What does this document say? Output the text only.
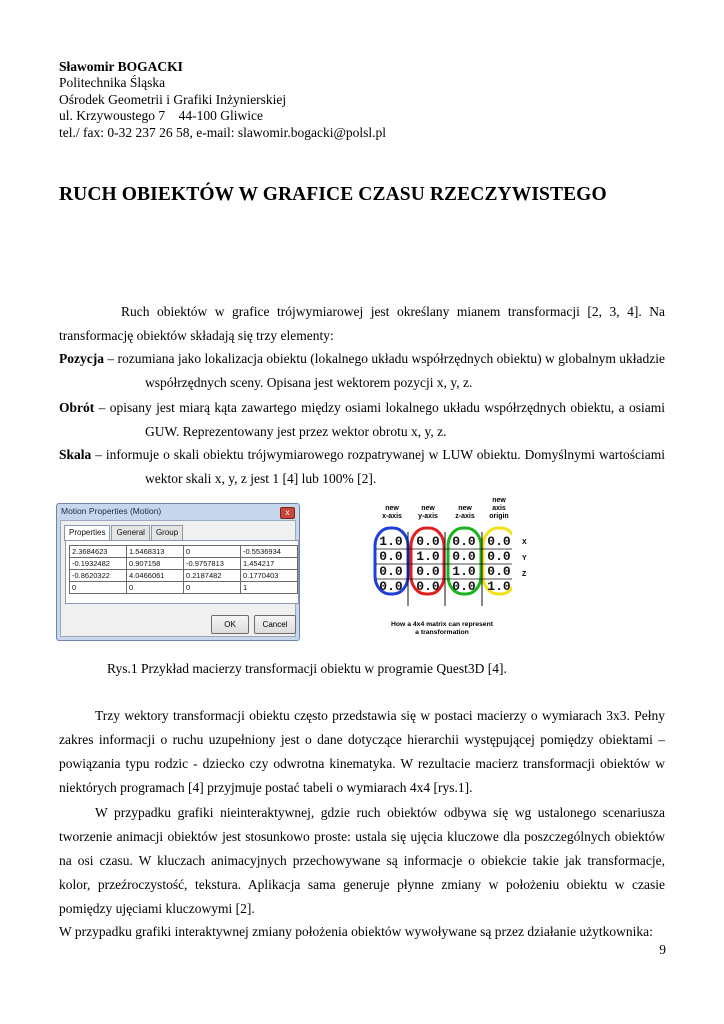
Sławomir BOGACKI
Politechnika Śląska
Ośrodek Geometrii i Grafiki Inżynierskiej
ul. Krzywoustego 7    44-100 Gliwice
tel./ fax: 0-32 237 26 58, e-mail: slawomir.bogacki@polsl.pl
RUCH OBIEKTÓW W GRAFICE CZASU RZECZYWISTEGO
Ruch obiektów w grafice trójwymiarowej jest określany mianem transformacji [2, 3, 4]. Na transformację obiektów składają się trzy elementy:
Pozycja – rozumiana jako lokalizacja obiektu (lokalnego układu współrzędnych obiektu) w globalnym układzie współrzędnych sceny. Opisana jest wektorem pozycji x, y, z.
Obrót – opisany jest miarą kąta zawartego między osiami lokalnego układu współrzędnych obiektu, a osiami GUW. Reprezentowany jest przez wektor obrotu x, y, z.
Skala – informuje o skali obiektu trójwymiarowego rozpatrywanej w LUW obiektu. Domyślnymi wartościami wektor skali x, y, z jest 1 [4] lub 100% [2].
Motion Properties (Motion)	x
Properties	General	Group
2.3684623	1.5468313	0	-0.5536934
-0.1932482	0.907158	-0.9757813	1.454217
-0.8620322	4.0466061	0.2187482	0.1770403
0	0	0	1
OK	Cancel
new
x-axis
new
y-axis
new
z-axis
new
axis
origin
1.0 0.0 0.0 0.0
0.0 1.0 0.0 0.0
0.0 0.0 1.0 0.0
0.0 0.0 0.0 1.0
X
Y
Z
How a 4x4 matrix can represent
a transformation
Rys.1 Przykład macierzy transformacji obiektu w programie Quest3D [4].
Trzy wektory transformacji obiektu często przedstawia się w postaci macierzy o wymiarach 3x3. Pełny zakres informacji o ruchu uzupełniony jest o dane dotyczące hierarchii występującej pomiędzy obiektami – powiązania typu rodzic - dziecko czy odwrotna kinematyka. W rezultacie macierz transformacji obiektów w niektórych programach [4] przyjmuje postać tabeli o wymiarach 4x4 [rys.1].
W przypadku grafiki nieinteraktywnej, gdzie ruch obiektów odbywa się wg ustalonego scenariusza tworzenie animacji obiektów jest stosunkowo proste: ustala się ujęcia kluczowe dla poszczególnych obiektów na osi czasu. W kluczach animacyjnych przechowywane są informacje o obiekcie takie jak transformacje, kolor, przeźroczystość, tekstura. Aplikacja sama generuje płynne zmiany w położeniu obiektu w czasie pomiędzy ujęciami kluczowymi [2].
W przypadku grafiki interaktywnej zmiany położenia obiektów wywoływane są przez działanie użytkownika:
9
